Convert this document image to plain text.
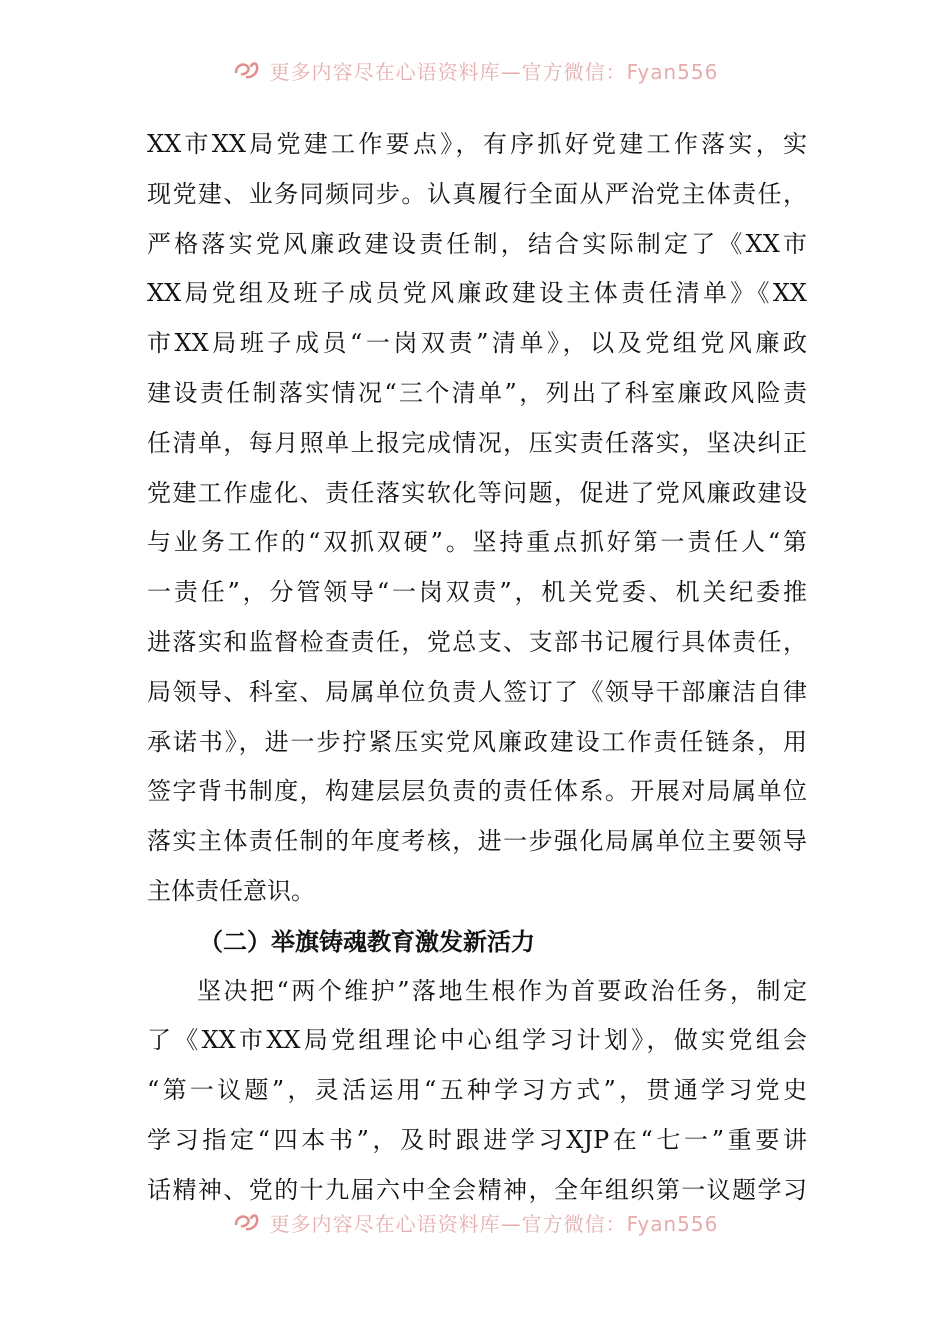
更多内容尽在心语资料库—官方微信：Fyan556
XX市XX局党建工作要点》，有序抓好党建工作落实，实
现党建、业务同频同步。认真履行全面从严治党主体责任，
严格落实党风廉政建设责任制，结合实际制定了《XX市
XX局党组及班子成员党风廉政建设主体责任清单》《XX
市XX局班子成员“一岗双责”清单》，以及党组党风廉政
建设责任制落实情况“三个清单”，列出了科室廉政风险责
任清单，每月照单上报完成情况，压实责任落实，坚决纠正
党建工作虚化、责任落实软化等问题，促进了党风廉政建设
与业务工作的“双抓双硬”。坚持重点抓好第一责任人“第
一责任”，分管领导“一岗双责”，机关党委、机关纪委推
进落实和监督检查责任，党总支、支部书记履行具体责任，
局领导、科室、局属单位负责人签订了《领导干部廉洁自律
承诺书》，进一步拧紧压实党风廉政建设工作责任链条，用
签字背书制度，构建层层负责的责任体系。开展对局属单位
落实主体责任制的年度考核，进一步强化局属单位主要领导
主体责任意识。
（二）举旗铸魂教育激发新活力
坚决把“两个维护”落地生根作为首要政治任务，制定
了《XX市XX局党组理论中心组学习计划》，做实党组会
“第一议题”，灵活运用“五种学习方式”，贯通学习党史
学习指定“四本书”，及时跟进学习XJP在“七一”重要讲
话精神、党的十九届六中全会精神，全年组织第一议题学习
更多内容尽在心语资料库—官方微信：Fyan556
